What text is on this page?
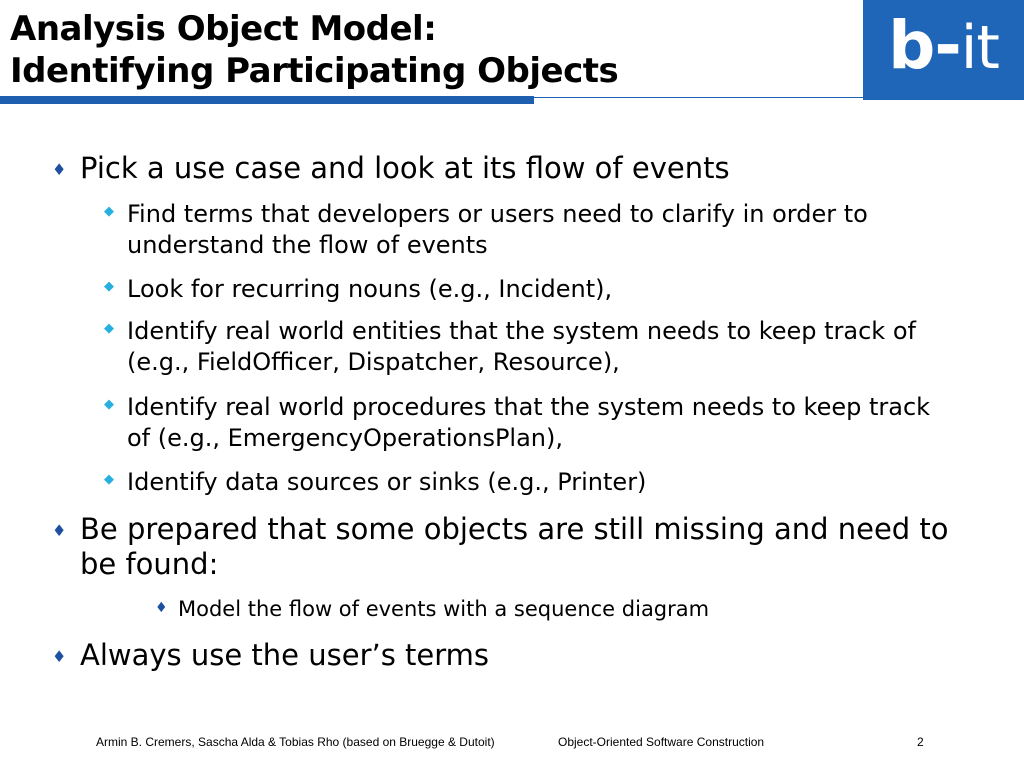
Analysis Object Model:
Identifying Participating Objects	b-it
♦ Pick a use case and look at its flow of events

◆ Find terms that developers or users need to clarify in order to understand the flow of events

◆ Look for recurring nouns (e.g., Incident),

◆ Identify real world entities that the system needs to keep track of (e.g., FieldOfficer, Dispatcher, Resource),

◆ Identify real world procedures that the system needs to keep track of (e.g., EmergencyOperationsPlan),

◆ Identify data sources or sinks (e.g., Printer)

♦ Be prepared that some objects are still missing and need to be found:

♦ Model the flow of events with a sequence diagram

♦ Always use the user’s terms

Armin B. Cremers, Sascha Alda & Tobias Rho (based on Bruegge & Dutoit)	Object-Oriented Software Construction	2
